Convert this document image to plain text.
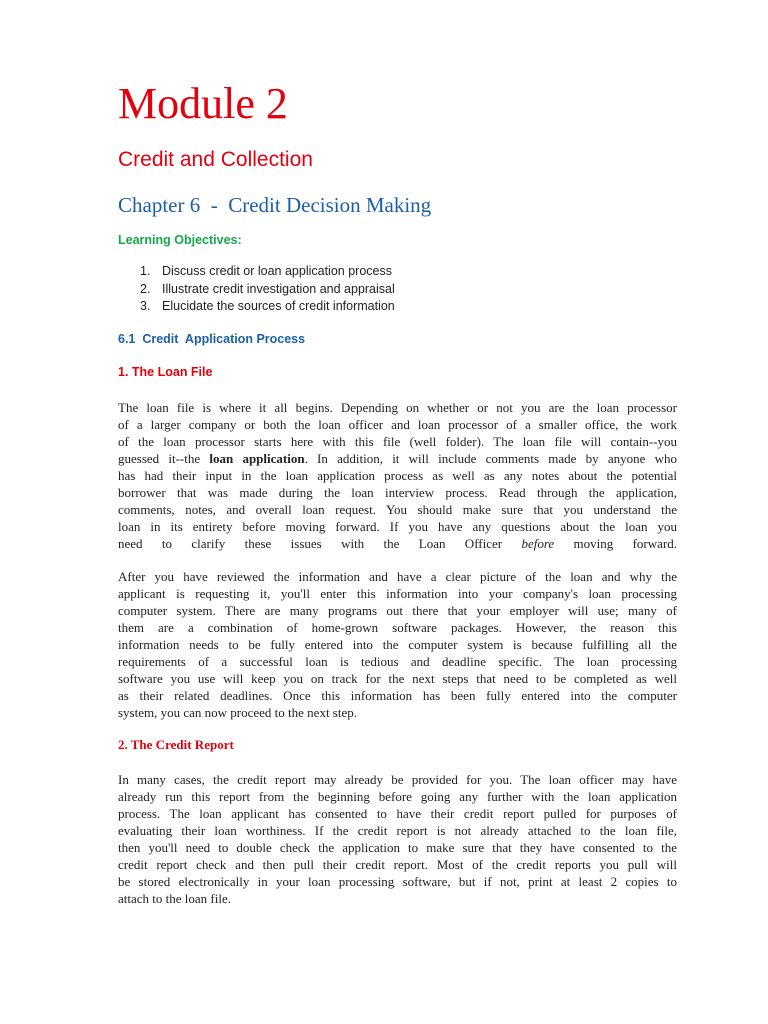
Module 2
Credit and Collection
Chapter 6  -  Credit Decision Making
Learning Objectives:
1. Discuss credit or loan application process
2. Illustrate credit investigation and appraisal
3. Elucidate the sources of credit information
6.1  Credit  Application Process
1. The Loan File
The loan file is where it all begins. Depending on whether or not you are the loan processor
of a larger company or both the loan officer and loan processor of a smaller office, the work
of the loan processor starts here with this file (well folder). The loan file will contain--you
guessed it--the loan application. In addition, it will include comments made by anyone who
has had their input in the loan application process as well as any notes about the potential
borrower that was made during the loan interview process. Read through the application,
comments, notes, and overall loan request. You should make sure that you understand the
loan in its entirety before moving forward. If you have any questions about the loan you
need to clarify these issues with the Loan Officer before moving forward.
After you have reviewed the information and have a clear picture of the loan and why the
applicant is requesting it, you'll enter this information into your company's loan processing
computer system. There are many programs out there that your employer will use; many of
them are a combination of home-grown software packages. However, the reason this
information needs to be fully entered into the computer system is because fulfilling all the
requirements of a successful loan is tedious and deadline specific. The loan processing
software you use will keep you on track for the next steps that need to be completed as well
as their related deadlines. Once this information has been fully entered into the computer
system, you can now proceed to the next step.
2. The Credit Report
In many cases, the credit report may already be provided for you. The loan officer may have
already run this report from the beginning before going any further with the loan application
process. The loan applicant has consented to have their credit report pulled for purposes of
evaluating their loan worthiness. If the credit report is not already attached to the loan file,
then you'll need to double check the application to make sure that they have consented to the
credit report check and then pull their credit report. Most of the credit reports you pull will
be stored electronically in your loan processing software, but if not, print at least 2 copies to
attach to the loan file.
